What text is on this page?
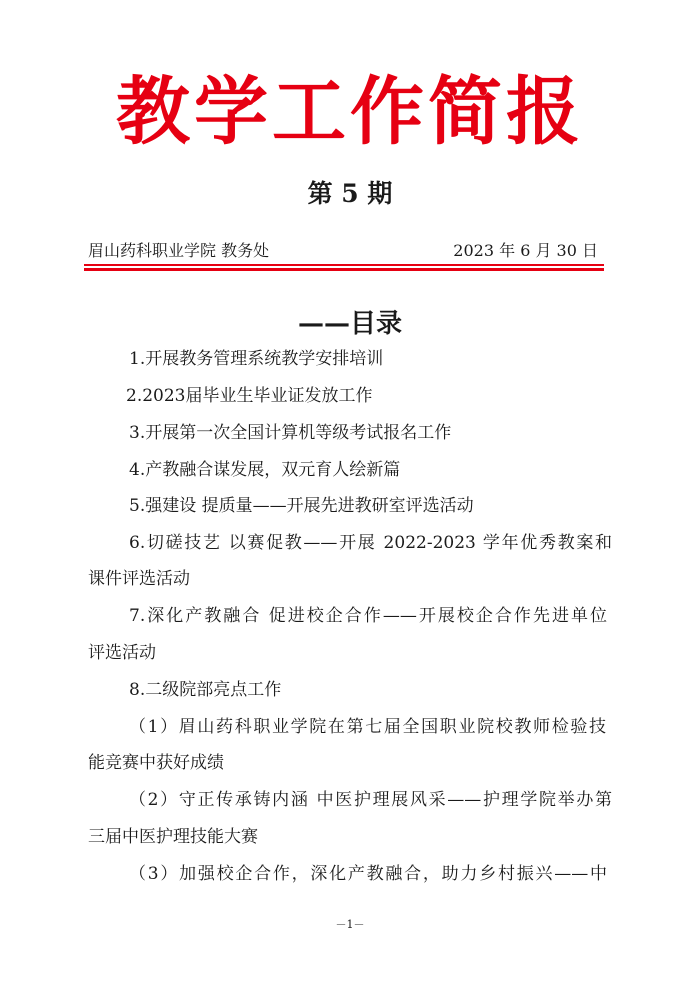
教学工作简报
第 5 期
眉山药科职业学院 教务处	2023 年 6 月 30 日
——目录
1.开展教务管理系统教学安排培训
2.2023届毕业生毕业证发放工作
3.开展第一次全国计算机等级考试报名工作
4.产教融合谋发展，双元育人绘新篇
5.强建设 提质量——开展先进教研室评选活动
6.切磋技艺 以赛促教——开展 2022-2023 学年优秀教案和
课件评选活动
7.深化产教融合 促进校企合作——开展校企合作先进单位
评选活动
8.二级院部亮点工作
（1）眉山药科职业学院在第七届全国职业院校教师检验技
能竞赛中获好成绩
（2）守正传承铸内涵 中医护理展风采——护理学院举办第
三届中医护理技能大赛
（3）加强校企合作，深化产教融合，助力乡村振兴——中
－1－
